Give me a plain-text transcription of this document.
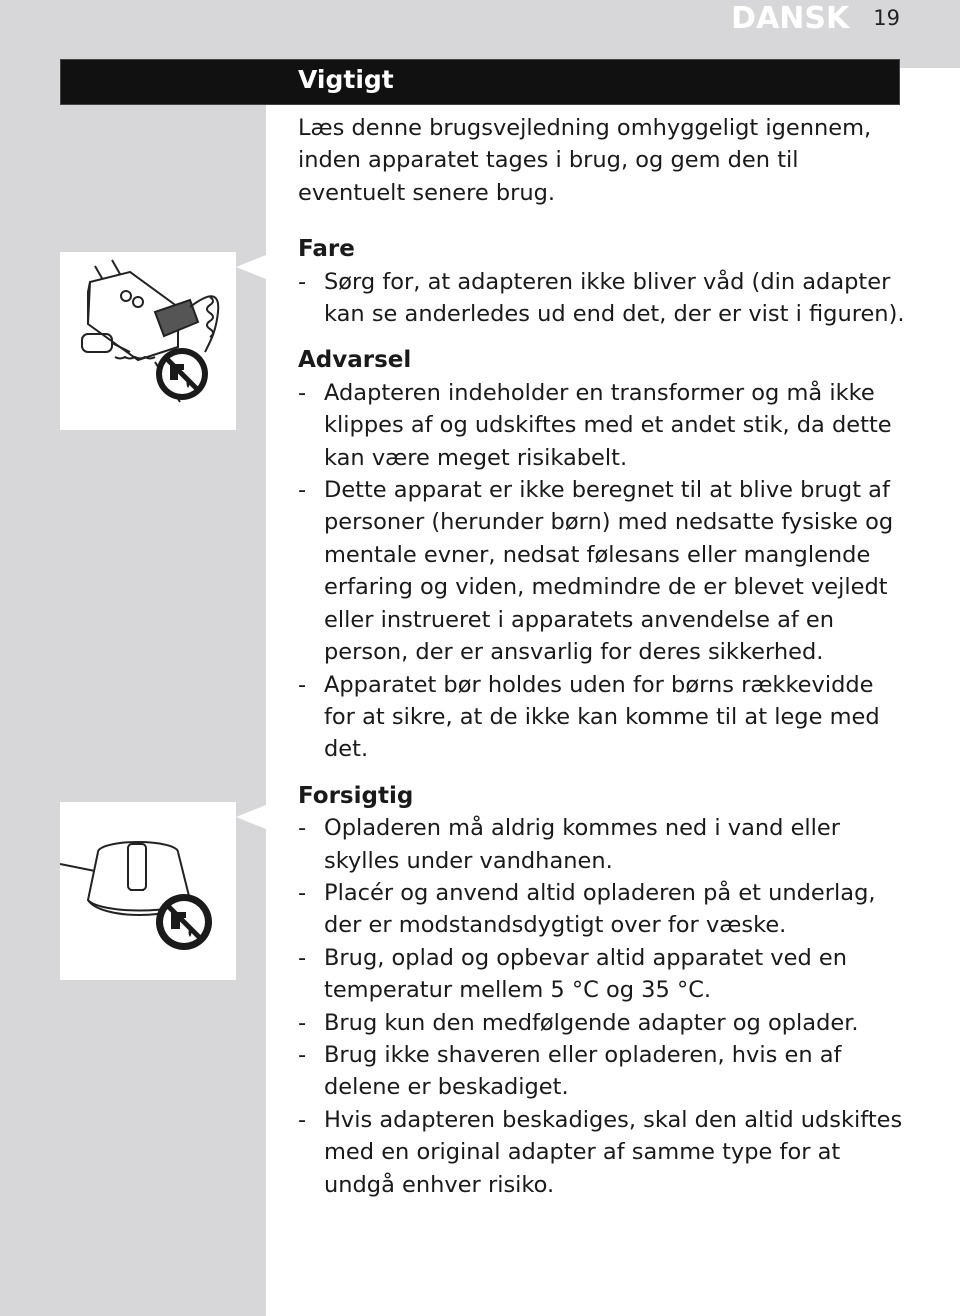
DANSK 19
Vigtigt

Læs denne brugsvejledning omhyggeligt igennem, inden apparatet tages i brug, og gem den til eventuelt senere brug.

Fare

- Sørg for, at adapteren ikke bliver våd (din adapter kan se anderledes ud end det, der er vist i figuren).

Advarsel

- Adapteren indeholder en transformer og må ikke klippes af og udskiftes med et andet stik, da dette kan være meget risikabelt.
- Dette apparat er ikke beregnet til at blive brugt af personer (herunder børn) med nedsatte fysiske og mentale evner, nedsat følesans eller manglende erfaring og viden, medmindre de er blevet vejledt eller instrueret i apparatets anvendelse af en person, der er ansvarlig for deres sikkerhed.
- Apparatet bør holdes uden for børns rækkevidde for at sikre, at de ikke kan komme til at lege med det.

Forsigtig

- Opladeren må aldrig kommes ned i vand eller skylles under vandhanen.
- Placér og anvend altid opladeren på et underlag, der er modstandsdygtigt over for væske.
- Brug, oplad og opbevar altid apparatet ved en temperatur mellem 5 °C og 35 °C.
- Brug kun den medfølgende adapter og oplader.
- Brug ikke shaveren eller opladeren, hvis en af delene er beskadiget.
- Hvis adapteren beskadiges, skal den altid udskiftes med en original adapter af samme type for at undgå enhver risiko.
